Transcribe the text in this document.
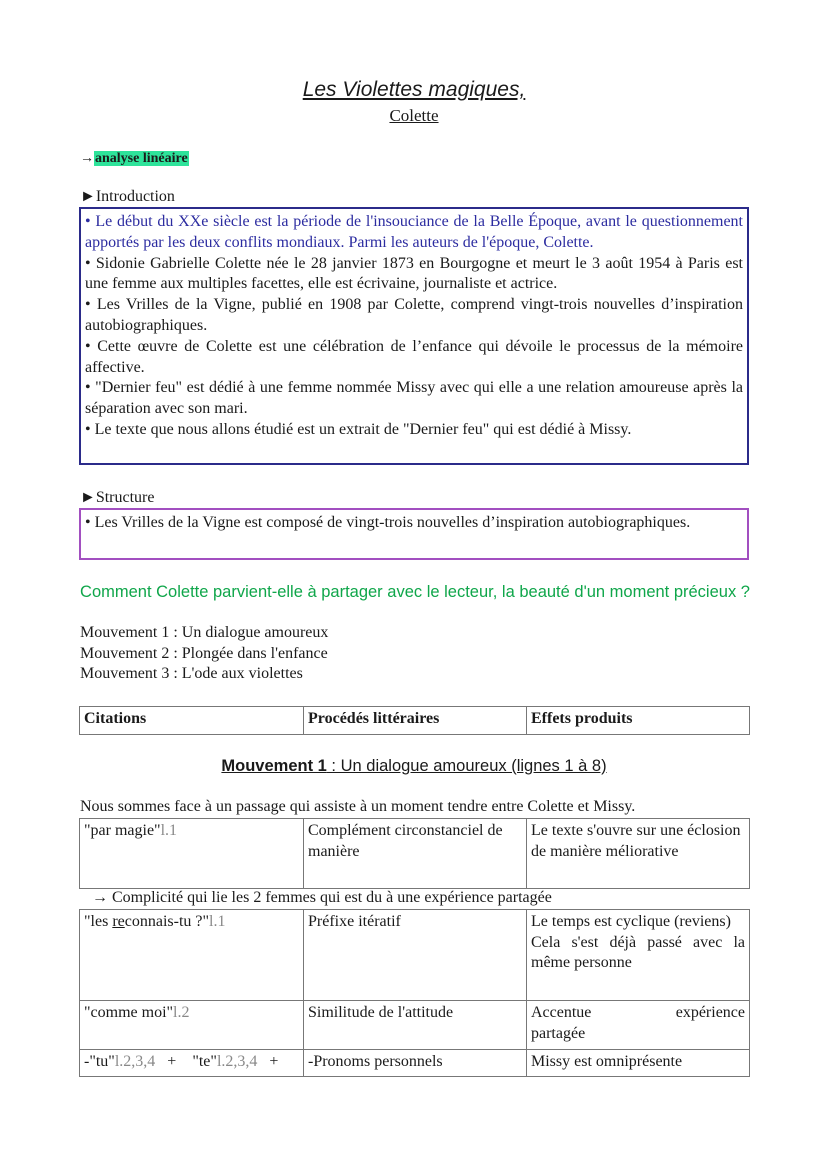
Les Violettes magiques,
Colette
→analyse linéaire
►Introduction

• Le début du XXe siècle est la période de l'insouciance de la Belle Époque, avant le questionnement apportés par les deux conflits mondiaux. Parmi les auteurs de l'époque, Colette.

• Sidonie Gabrielle Colette née le 28 janvier 1873 en Bourgogne et meurt le 3 août 1954 à Paris est une femme aux multiples facettes, elle est écrivaine, journaliste et actrice.

• Les Vrilles de la Vigne, publié en 1908 par Colette, comprend vingt-trois nouvelles d’inspiration autobiographiques.

• Cette œuvre de Colette est une célébration de l’enfance qui dévoile le processus de la mémoire affective.

• "Dernier feu" est dédié à une femme nommée Missy avec qui elle a une relation amoureuse après la séparation avec son mari.

• Le texte que nous allons étudié est un extrait de "Dernier feu" qui est dédié à Missy.

►Structure

• Les Vrilles de la Vigne est composé de vingt-trois nouvelles d’inspiration autobiographiques.

Comment Colette parvient-elle à partager avec le lecteur, la beauté d'un moment précieux ?
Mouvement 1 : Un dialogue amoureux
Mouvement 2 : Plongée dans l'enfance
Mouvement 3 : L'ode aux violettes
Citations	Procédés littéraires	Effets produits
Mouvement 1 : Un dialogue amoureux (lignes 1 à 8)
Nous sommes face à un passage qui assiste à un moment tendre entre Colette et Missy.
"par magie"l.1	Complément circonstanciel de manière	Le texte s'ouvre sur une éclosion de manière méliorative
→ Complicité qui lie les 2 femmes qui est du à une expérience partagée
"les reconnais-tu ?"l.1	Préfixe itératif	Le temps est cyclique (reviens)
Cela s'est déjà passé avec la même personne

"comme moi"l.2	Similitude de l'attitude	Accentue expérience
partagée

-"tu"l.2,3,4 + "te"l.2,3,4 +	-Pronoms personnels	Missy est omniprésente
